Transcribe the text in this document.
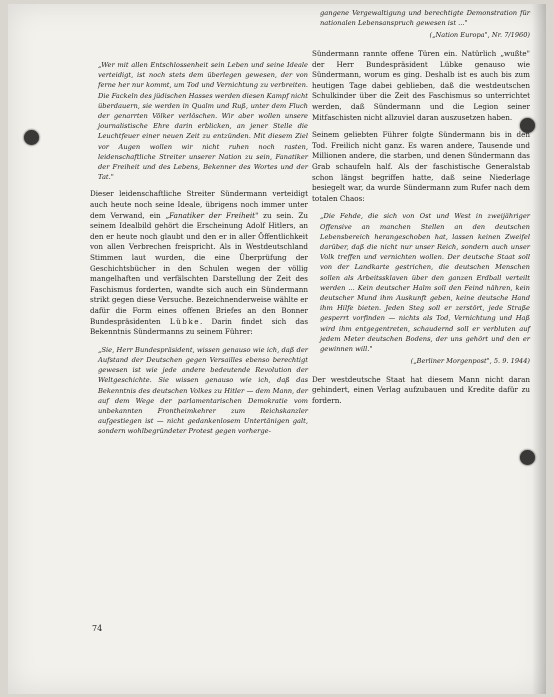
„Wer mit allen Entschlossenheit sein Leben und seine Ideale verteidigt, ist noch stets dem überlegen gewesen, der von ferne her nur kommt, um Tod und Vernichtung zu verbreiten. Die Fackeln des jüdischen Hasses werden diesen Kampf nicht überdauern, sie werden in Qualm und Ruß, unter dem Fluch der genarrten Völker verlöschen. Wir aber wollen unsere journalistische Ehre darin erblicken, an jener Stelle die Leuchtfeuer einer neuen Zeit zu entzünden. Mit diesem Ziel vor Augen wollen wir nicht ruhen noch rasten, leidenschaftliche Streiter unserer Nation zu sein, Fanatiker der Freiheit und des Lebens, Bekenner des Wortes und der Tat."

Dieser leidenschaftliche Streiter Sündermann verteidigt auch heute noch seine Ideale, übrigens noch immer unter dem Verwand, ein „Fanatiker der Freiheit" zu sein. Zu seinem Idealbild gehört die Erscheinung Adolf Hitlers, an den er heute noch glaubt und den er in aller Öffentlichkeit von allen Verbrechen freispricht. Als in Westdeutschland Stimmen laut wurden, die eine Überprüfung der Geschichtsbücher in den Schulen wegen der völlig mangelhaften und verfälschten Darstellung der Zeit des Faschismus forderten, wandte sich auch ein Sündermann strikt gegen diese Versuche. Bezeichnenderweise wählte er dafür die Form eines offenen Briefes an den Bonner Bundespräsidenten Lübke. Darin findet sich das Bekenntnis Sündermanns zu seinem Führer:

„Sie, Herr Bundespräsident, wissen genauso wie ich, daß der Aufstand der Deutschen gegen Versailles ebenso berechtigt gewesen ist wie jede andere bedeutende Revolution der Weltgeschichte. Sie wissen genauso wie ich, daß das Bekenntnis des deutschen Volkes zu Hitler — dem Mann, der auf dem Wege der parlamentarischen Demokratie vom unbekannten Frontheimkehrer zum Reichskanzler aufgestiegen ist — nicht gedankenlosem Untertänigen galt, sondern wohlbegründeter Protest gegen vorherge-

gangene Vergewaltigung und berechtigte Demonstration für nationalen Lebensanspruch gewesen ist ..."

(„Nation Europa", Nr. 7/1960)

Sündermann rannte offene Türen ein. Natürlich „wußte" der Herr Bundespräsident Lübke genauso wie Sündermann, worum es ging. Deshalb ist es auch bis zum heutigen Tage dabei geblieben, daß die westdeutschen Schulkinder über die Zeit des Faschismus so unterrichtet werden, daß Sündermann und die Legion seiner Mitfaschisten nicht allzuviel daran auszusetzen haben.

Seinem geliebten Führer folgte Sündermann bis in den Tod. Freilich nicht ganz. Es waren andere, Tausende und Millionen andere, die starben, und denen Sündermann das Grab schaufeln half. Als der faschistische Generalstab schon längst begriffen hatte, daß seine Niederlage besiegelt war, da wurde Sündermann zum Rufer nach dem totalen Chaos:

„Die Fehde, die sich von Ost und West in zweijähriger Offensive an manchen Stellen an den deutschen Lebensbereich herangeschoben hat, lassen keinen Zweifel darüber, daß die nicht nur unser Reich, sondern auch unser Volk treffen und vernichten wollen. Der deutsche Staat soll von der Landkarte gestrichen, die deutschen Menschen sollen als Arbeitssklaven über den ganzen Erdball verteilt werden ... Kein deutscher Halm soll den Feind nähren, kein deutscher Mund ihm Auskunft geben, keine deutsche Hand ihm Hilfe bieten. Jeden Steg soll er zerstört, jede Straße gesperrt vorfinden — nichts als Tod, Vernichtung und Haß wird ihm entgegentreten, schaudernd soll er verbluten auf jedem Meter deutschen Bodens, der uns gehört und den er gewinnen will."

(„Berliner Morgenpost", 5. 9. 1944)

Der westdeutsche Staat hat diesem Mann nicht daran gehindert, einen Verlag aufzubauen und Kredite dafür zu fordern.

74
